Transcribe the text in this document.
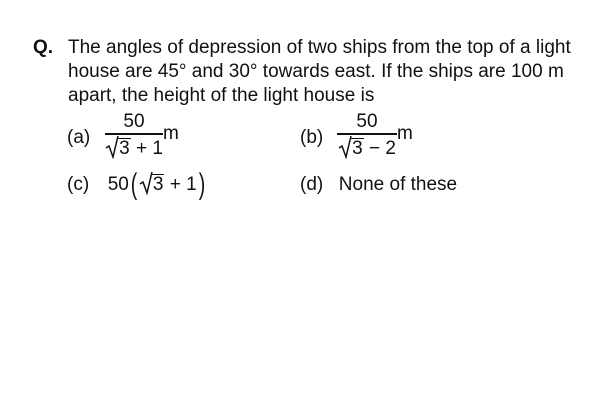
Q. The angles of depression of two ships from the top of a light
house are 45° and 30° towards east. If the ships are 100 m
apart, the height of the light house is
(a)
50
3 + 1
m	(b)
50
3 − 2
m
(c) 50( 3 + 1)	(d) None of these
